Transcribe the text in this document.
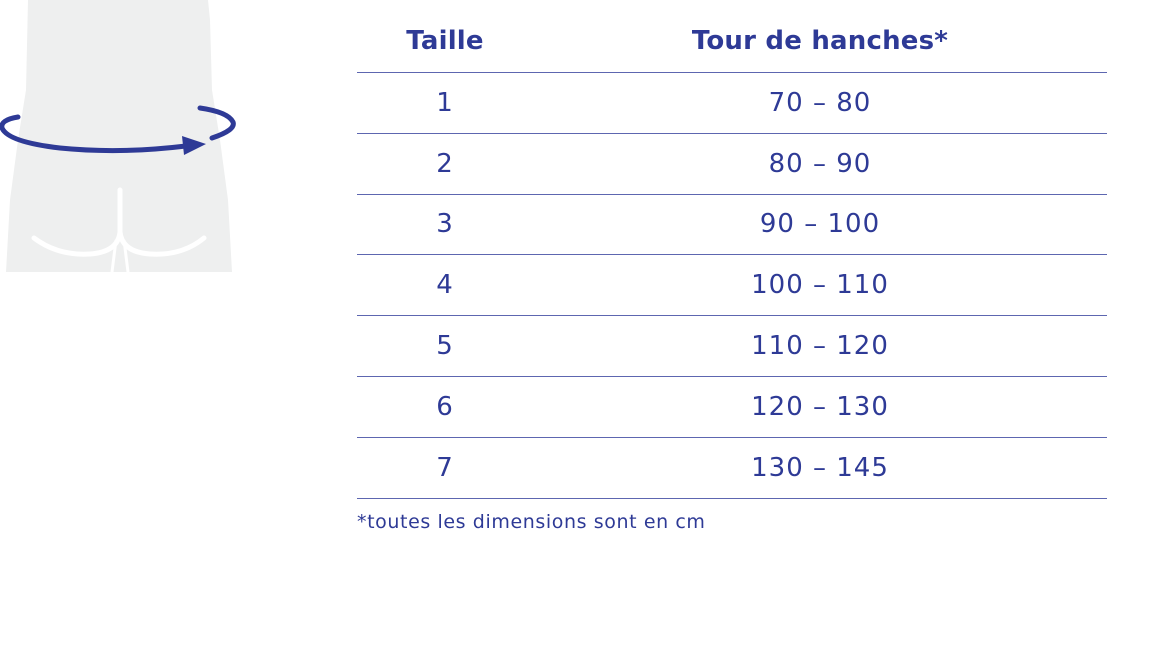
Taille	Tour de hanches*
1	70 – 80
2	80 – 90
3	90 – 100
4	100 – 110
5	110 – 120
6	120 – 130
7	130 – 145
*toutes les dimensions sont en cm
